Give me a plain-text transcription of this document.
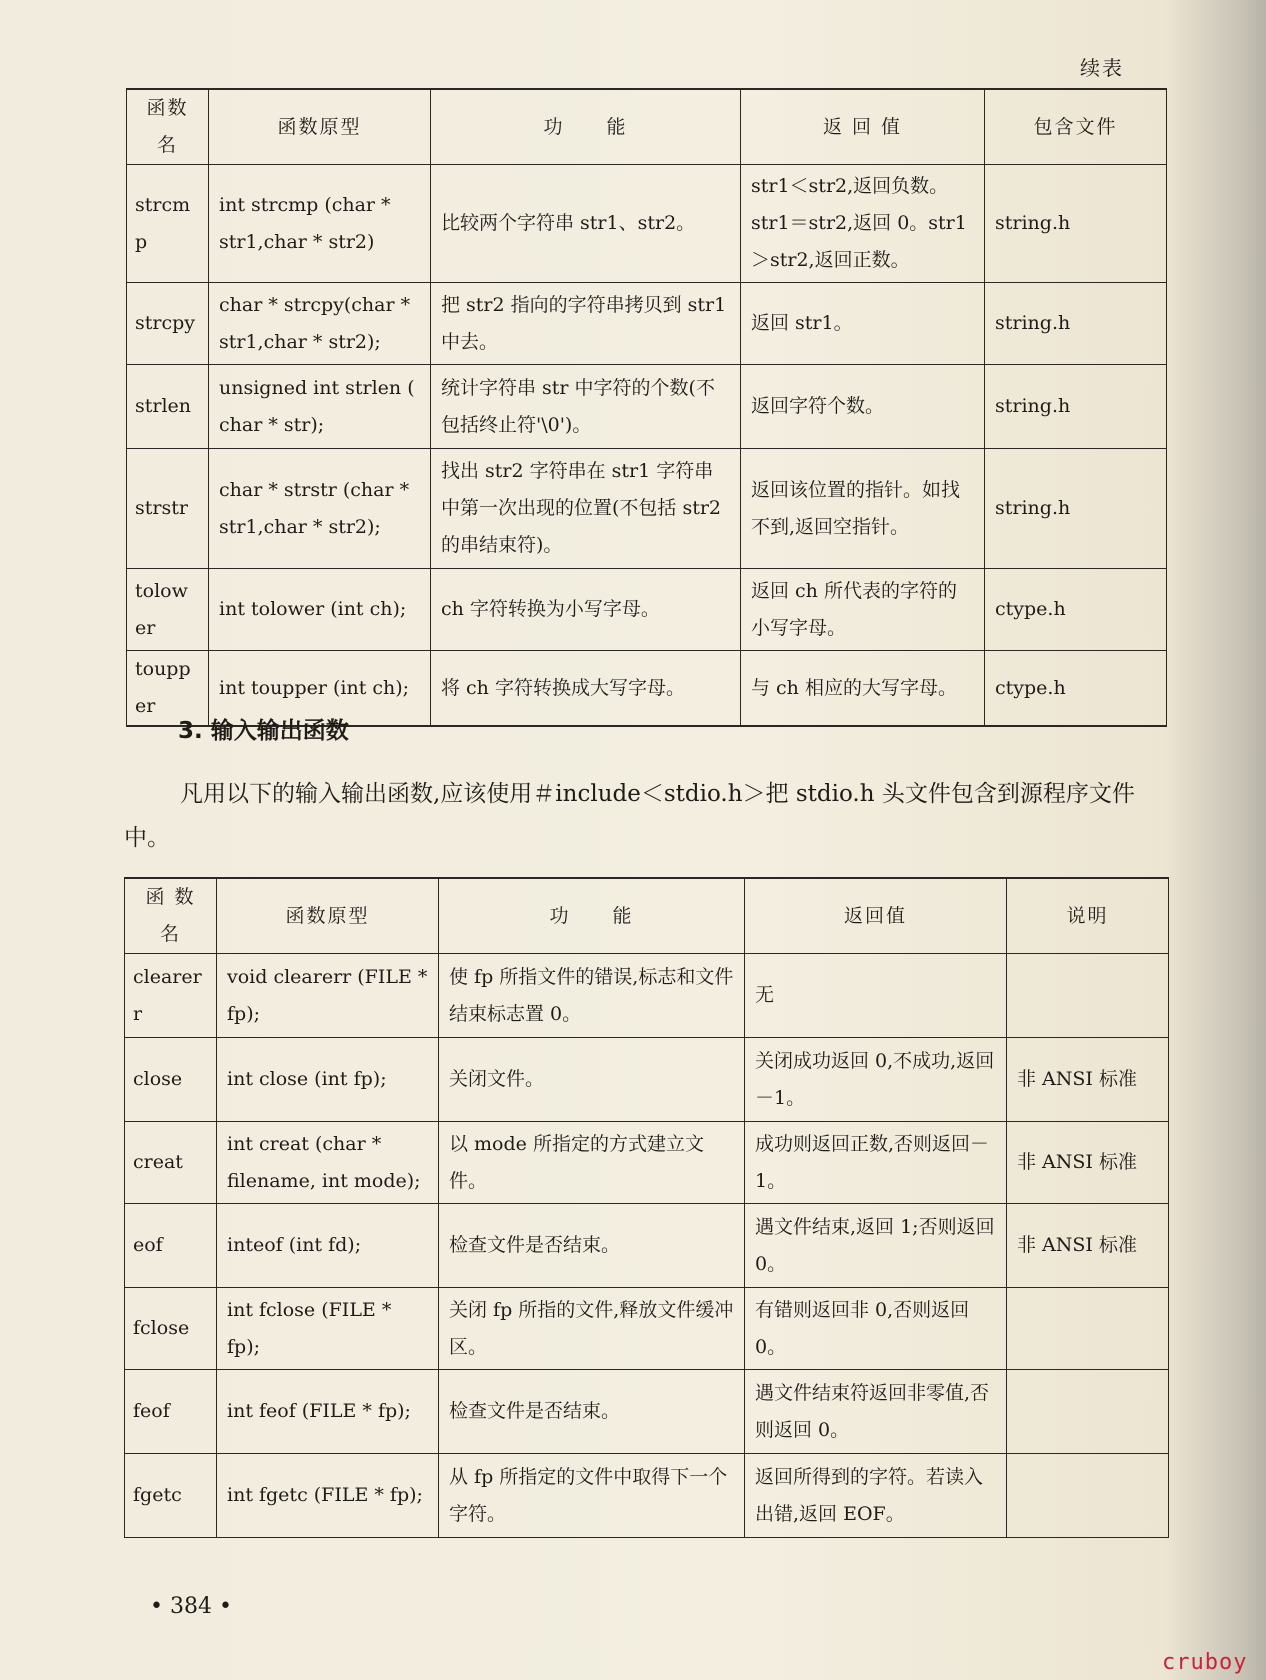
续表
函数名	函数原型	功　　能	返 回 值	包含文件
strcmp	int strcmp (char * str1,char * str2)	比较两个字符串 str1、str2。	str1＜str2,返回负数。str1＝str2,返回 0。str1＞str2,返回正数。	string.h
strcpy	char * strcpy(char * str1,char * str2);	把 str2 指向的字符串拷贝到 str1 中去。	返回 str1。	string.h
strlen	unsigned int strlen ( char * str);	统计字符串 str 中字符的个数(不包括终止符'\0')。	返回字符个数。	string.h
strstr	char * strstr (char * str1,char * str2);	找出 str2 字符串在 str1 字符串中第一次出现的位置(不包括 str2 的串结束符)。	返回该位置的指针。如找不到,返回空指针。	string.h
tolower	int tolower (int ch);	ch 字符转换为小写字母。	返回 ch 所代表的字符的小写字母。	ctype.h
toupper	int toupper (int ch);	将 ch 字符转换成大写字母。	与 ch 相应的大写字母。	ctype.h
3. 输入输出函数
凡用以下的输入输出函数,应该使用＃include＜stdio.h＞把 stdio.h 头文件包含到源程序文件中。
函 数 名	函数原型	功　　能	返回值	说明
clearerr	void clearerr (FILE * fp);	使 fp 所指文件的错误,标志和文件结束标志置 0。	无	
close	int close (int fp);	关闭文件。	关闭成功返回 0,不成功,返回－1。	非 ANSI 标准
creat	int creat (char * filename, int mode);	以 mode 所指定的方式建立文件。	成功则返回正数,否则返回－1。	非 ANSI 标准
eof	inteof (int fd);	检查文件是否结束。	遇文件结束,返回 1;否则返回 0。	非 ANSI 标准
fclose	int fclose (FILE * fp);	关闭 fp 所指的文件,释放文件缓冲区。	有错则返回非 0,否则返回 0。	
feof	int feof (FILE * fp);	检查文件是否结束。	遇文件结束符返回非零值,否则返回 0。	
fgetc	int fgetc (FILE * fp);	从 fp 所指定的文件中取得下一个字符。	返回所得到的字符。若读入出错,返回 EOF。	
• 384 •
cruboy
